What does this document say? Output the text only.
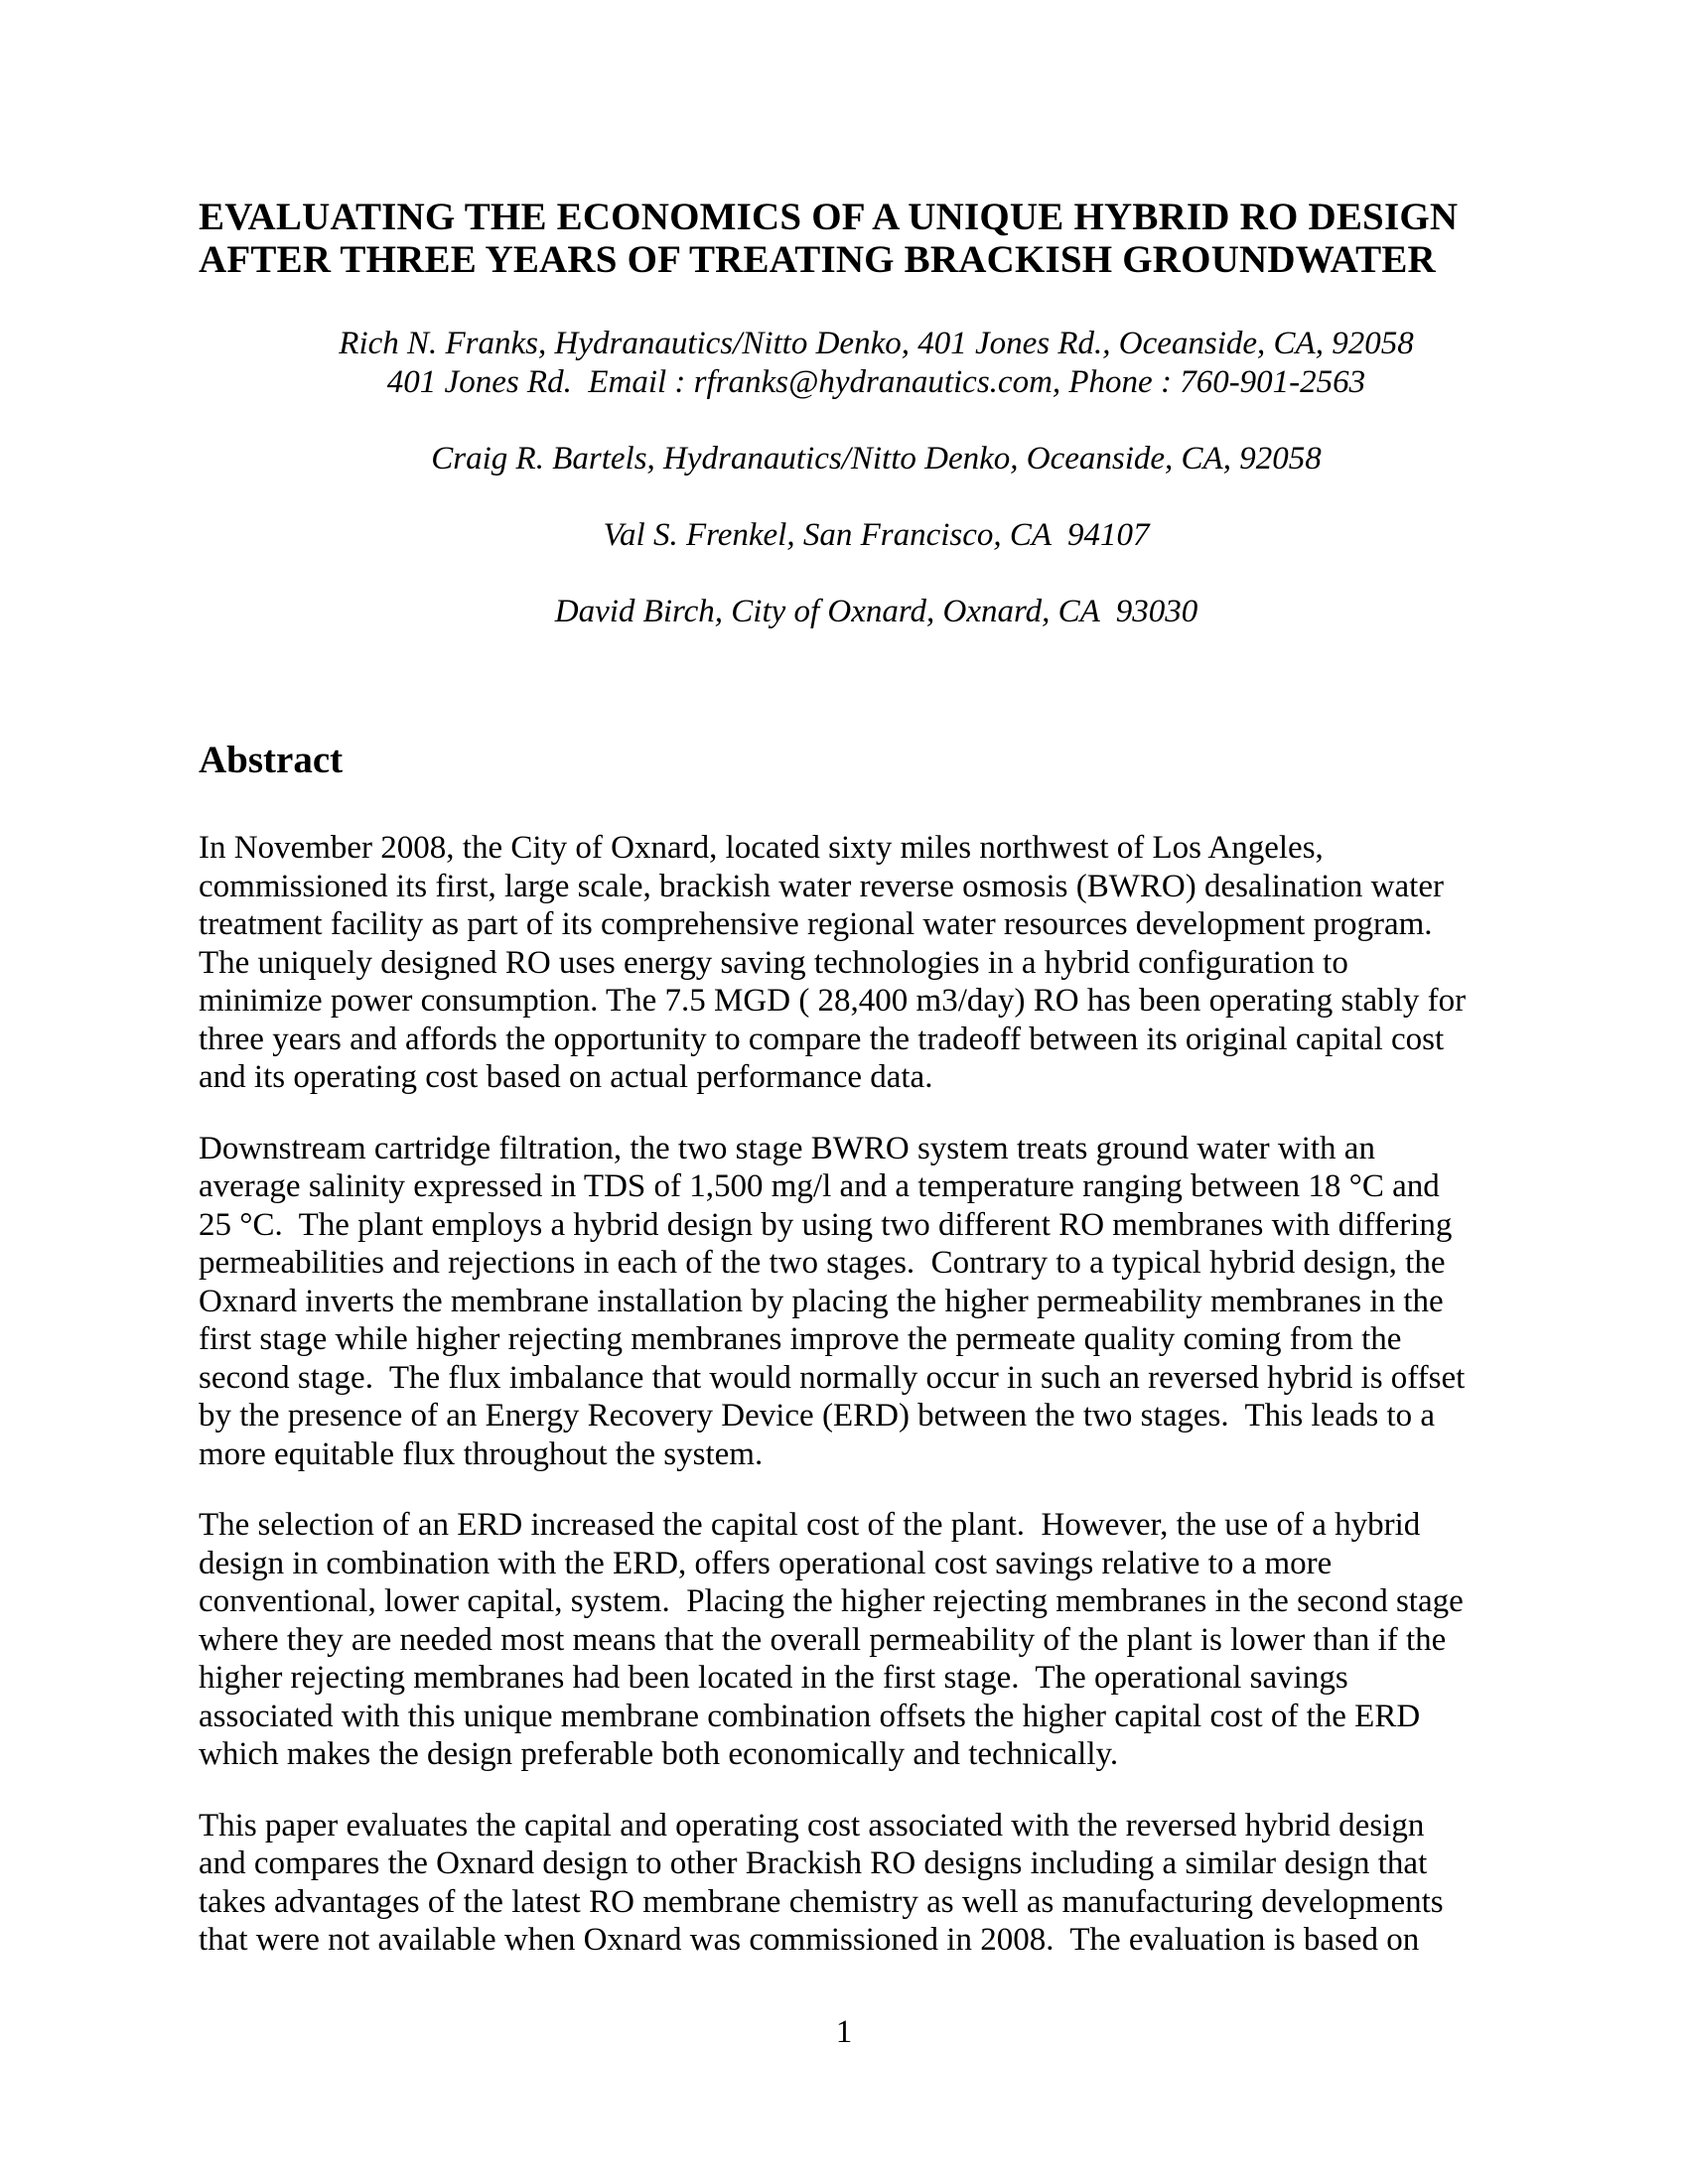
EVALUATING THE ECONOMICS OF A UNIQUE HYBRID RO DESIGN
AFTER THREE YEARS OF TREATING BRACKISH GROUNDWATER
Rich N. Franks, Hydranautics/Nitto Denko, 401 Jones Rd., Oceanside, CA, 92058
401 Jones Rd.  Email : rfranks@hydranautics.com, Phone : 760-901-2563
Craig R. Bartels, Hydranautics/Nitto Denko, Oceanside, CA, 92058
Val S. Frenkel, San Francisco, CA  94107
David Birch, City of Oxnard, Oxnard, CA  93030
Abstract

In November 2008, the City of Oxnard, located sixty miles northwest of Los Angeles,
commissioned its first, large scale, brackish water reverse osmosis (BWRO) desalination water
treatment facility as part of its comprehensive regional water resources development program.
The uniquely designed RO uses energy saving technologies in a hybrid configuration to
minimize power consumption. The 7.5 MGD ( 28,400 m3/day) RO has been operating stably for
three years and affords the opportunity to compare the tradeoff between its original capital cost
and its operating cost based on actual performance data.

Downstream cartridge filtration, the two stage BWRO system treats ground water with an
average salinity expressed in TDS of 1,500 mg/l and a temperature ranging between 18 °C and
25 °C.  The plant employs a hybrid design by using two different RO membranes with differing
permeabilities and rejections in each of the two stages.  Contrary to a typical hybrid design, the
Oxnard inverts the membrane installation by placing the higher permeability membranes in the
first stage while higher rejecting membranes improve the permeate quality coming from the
second stage.  The flux imbalance that would normally occur in such an reversed hybrid is offset
by the presence of an Energy Recovery Device (ERD) between the two stages.  This leads to a
more equitable flux throughout the system.

The selection of an ERD increased the capital cost of the plant.  However, the use of a hybrid
design in combination with the ERD, offers operational cost savings relative to a more
conventional, lower capital, system.  Placing the higher rejecting membranes in the second stage
where they are needed most means that the overall permeability of the plant is lower than if the
higher rejecting membranes had been located in the first stage.  The operational savings
associated with this unique membrane combination offsets the higher capital cost of the ERD
which makes the design preferable both economically and technically.

This paper evaluates the capital and operating cost associated with the reversed hybrid design
and compares the Oxnard design to other Brackish RO designs including a similar design that
takes advantages of the latest RO membrane chemistry as well as manufacturing developments
that were not available when Oxnard was commissioned in 2008.  The evaluation is based on

1
